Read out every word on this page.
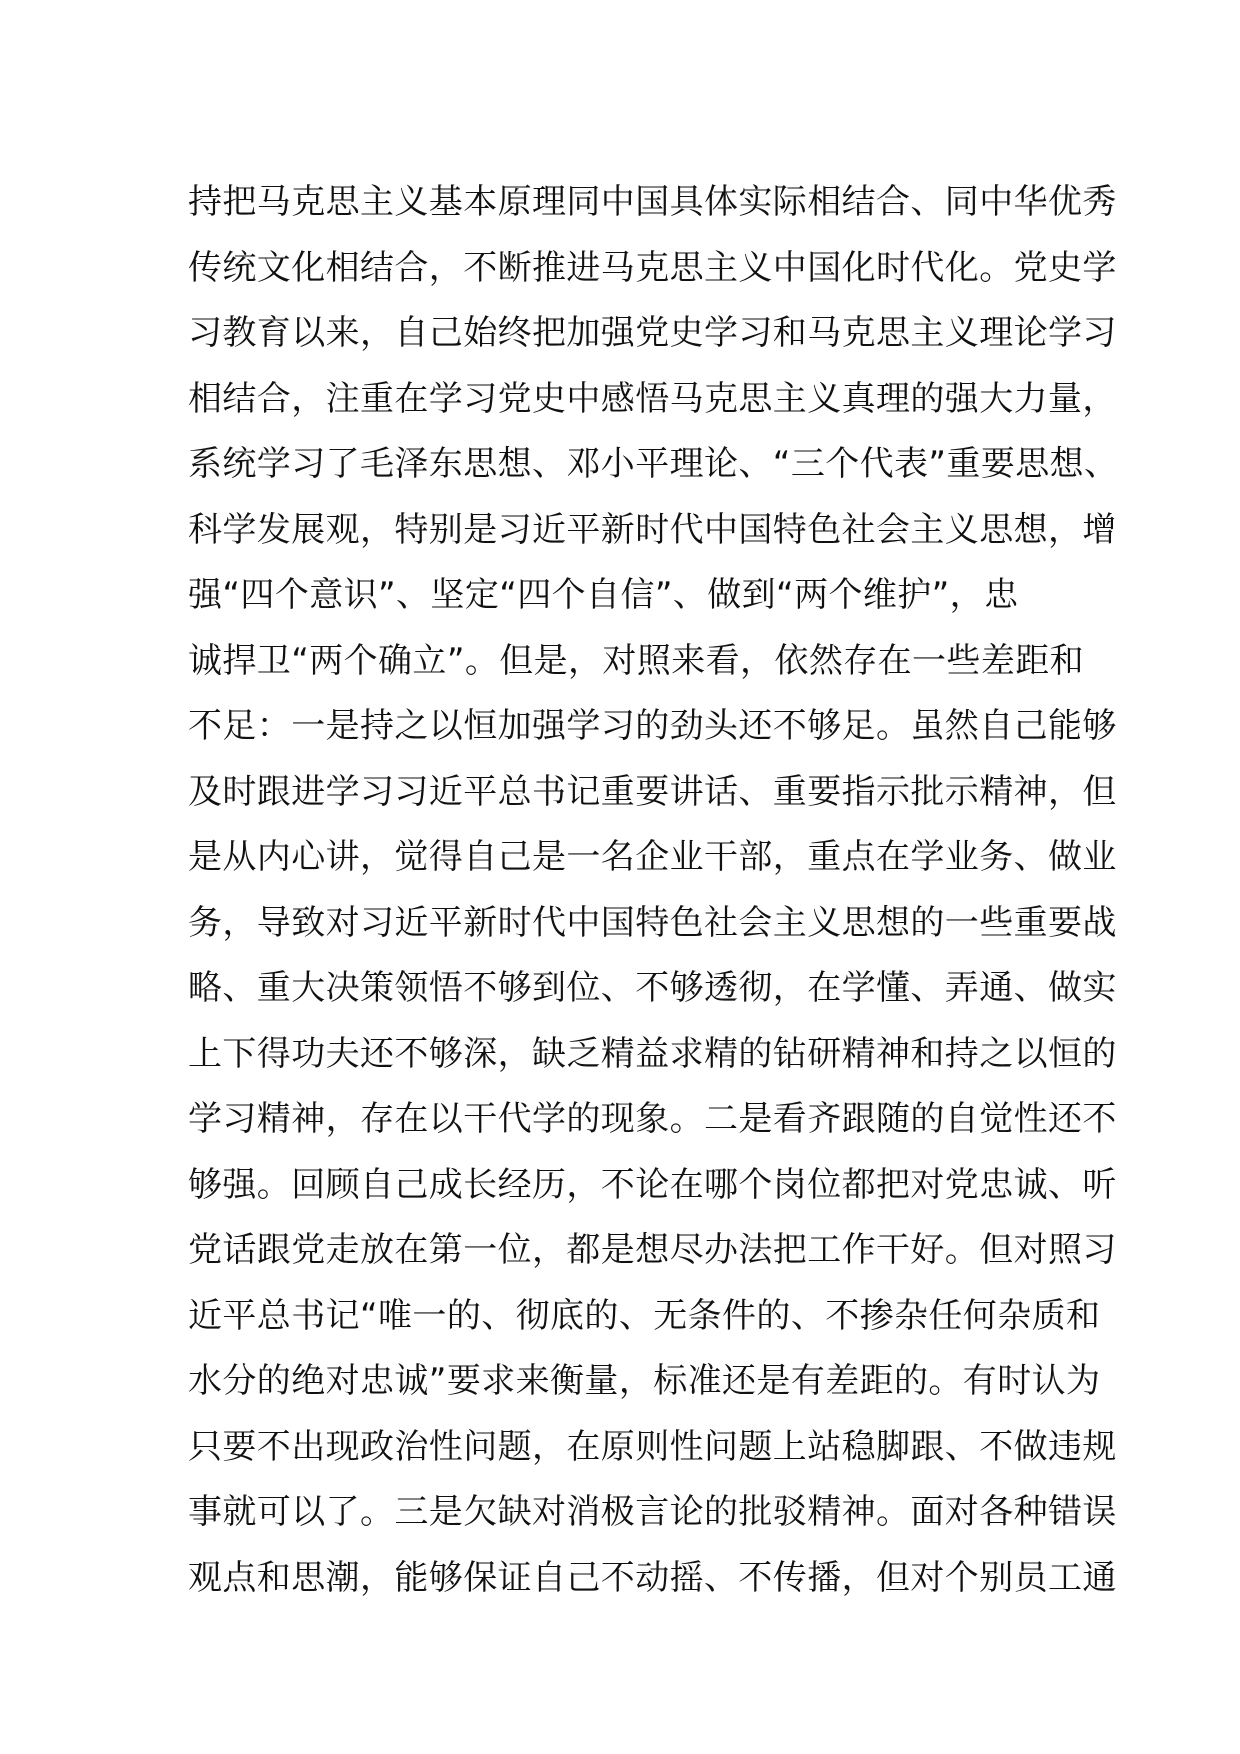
持把马克思主义基本原理同中国具体实际相结合、同中华优秀
传统文化相结合，不断推进马克思主义中国化时代化。党史学
习教育以来，自己始终把加强党史学习和马克思主义理论学习
相结合，注重在学习党史中感悟马克思主义真理的强大力量，
系统学习了毛泽东思想、邓小平理论、“三个代表”重要思想、
科学发展观，特别是习近平新时代中国特色社会主义思想，增
强“四个意识”、坚定“四个自信”、做到“两个维护”，忠
诚捍卫“两个确立”。但是，对照来看，依然存在一些差距和
不足：一是持之以恒加强学习的劲头还不够足。虽然自己能够
及时跟进学习习近平总书记重要讲话、重要指示批示精神，但
是从内心讲，觉得自己是一名企业干部，重点在学业务、做业
务，导致对习近平新时代中国特色社会主义思想的一些重要战
略、重大决策领悟不够到位、不够透彻，在学懂、弄通、做实
上下得功夫还不够深，缺乏精益求精的钻研精神和持之以恒的
学习精神，存在以干代学的现象。二是看齐跟随的自觉性还不
够强。回顾自己成长经历，不论在哪个岗位都把对党忠诚、听
党话跟党走放在第一位，都是想尽办法把工作干好。但对照习
近平总书记“唯一的、彻底的、无条件的、不掺杂任何杂质和
水分的绝对忠诚”要求来衡量，标准还是有差距的。有时认为
只要不出现政治性问题，在原则性问题上站稳脚跟、不做违规
事就可以了。三是欠缺对消极言论的批驳精神。面对各种错误
观点和思潮，能够保证自己不动摇、不传播，但对个别员工通
